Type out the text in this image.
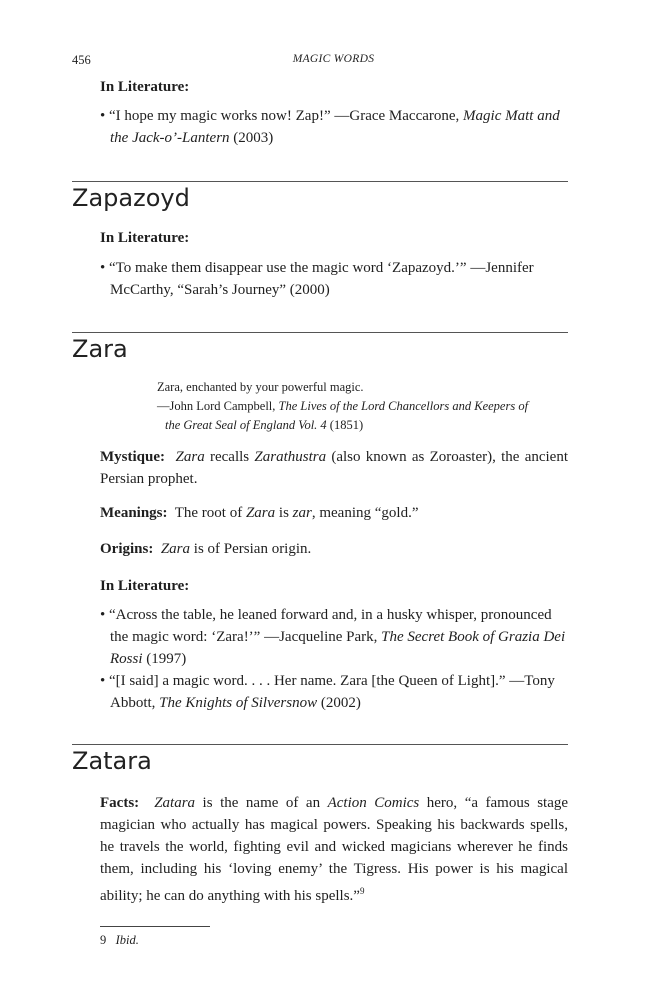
456	MAGIC WORDS
In Literature:
• “I hope my magic works now! Zap!” —Grace Maccarone, Magic Matt and the Jack-o’-Lantern (2003)
Zapazoyd
In Literature:
• “To make them disappear use the magic word ‘Zapazoyd.’” —Jennifer McCarthy, “Sarah’s Journey” (2000)
Zara
Zara, enchanted by your powerful magic.
—John Lord Campbell, The Lives of the Lord Chancellors and Keepers of the Great Seal of England Vol. 4 (1851)
Mystique: Zara recalls Zarathustra (also known as Zoroaster), the ancient Persian prophet.
Meanings: The root of Zara is zar, meaning “gold.”
Origins: Zara is of Persian origin.
In Literature:
• “Across the table, he leaned forward and, in a husky whisper, pronounced the magic word: ‘Zara!’” —Jacqueline Park, The Secret Book of Grazia Dei Rossi (1997)
• “[I said] a magic word. . . . Her name. Zara [the Queen of Light].” —Tony Abbott, The Knights of Silversnow (2002)
Zatara
Facts: Zatara is the name of an Action Comics hero, “a famous stage magician who actually has magical powers. Speaking his backwards spells, he travels the world, fighting evil and wicked magicians wherever he finds them, including his ‘loving enemy’ the Tigress. His power is his magical ability; he can do anything with his spells.”$^9$
9 Ibid.
